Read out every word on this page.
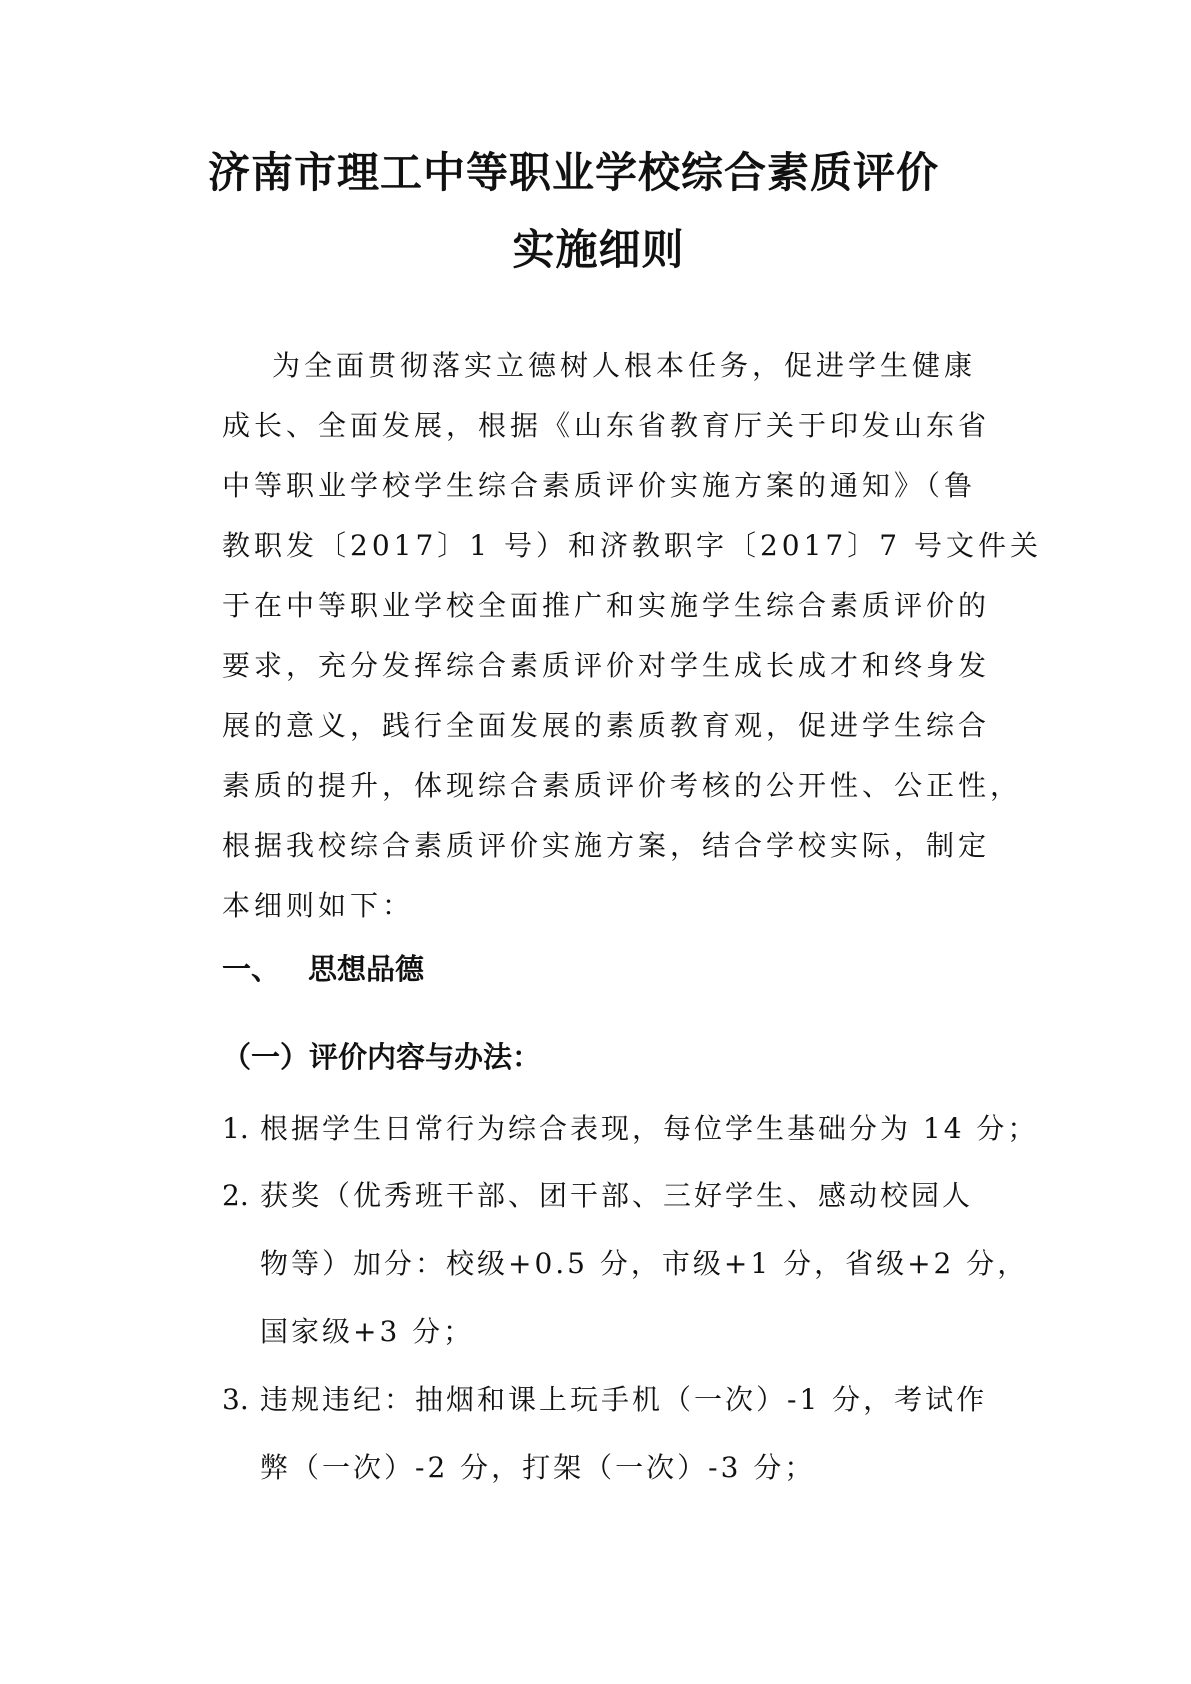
济南市理工中等职业学校综合素质评价
实施细则
为全面贯彻落实立德树人根本任务，促进学生健康
成长、全面发展，根据《山东省教育厅关于印发山东省
中等职业学校学生综合素质评价实施方案的通知》（鲁
教职发〔2017〕1 号）和济教职字〔2017〕7 号文件关
于在中等职业学校全面推广和实施学生综合素质评价的
要求，充分发挥综合素质评价对学生成长成才和终身发
展的意义，践行全面发展的素质教育观，促进学生综合
素质的提升，体现综合素质评价考核的公开性、公正性，
根据我校综合素质评价实施方案，结合学校实际，制定
本细则如下：
一、 思想品德
（一）评价内容与办法：
1. 根据学生日常行为综合表现，每位学生基础分为 14 分；
2. 获奖（优秀班干部、团干部、三好学生、感动校园人
物等）加分：校级+0.5 分，市级+1 分，省级+2 分，
国家级+3 分；
3. 违规违纪：抽烟和课上玩手机（一次）-1 分，考试作
弊（一次）-2 分，打架（一次）-3 分；
